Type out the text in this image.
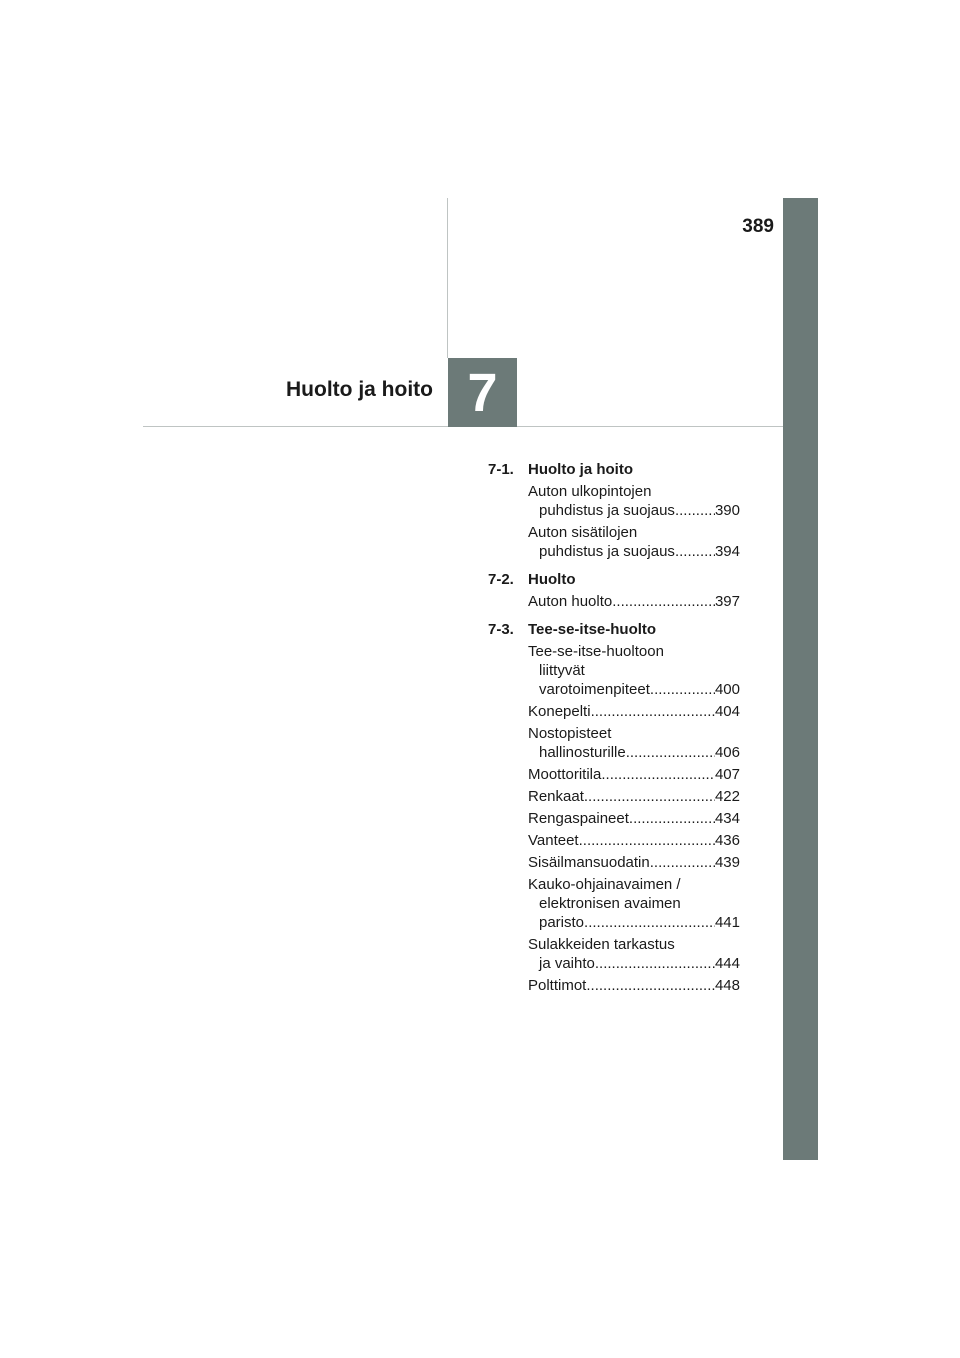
389
7
Huolto ja hoito
7-1. Huolto ja hoito
Auton ulkopintojen
puhdistus ja suojaus .....	390
Auton sisätilojen
puhdistus ja suojaus .....	394
7-2. Huolto
Auton huolto .....	397
7-3. Tee-se-itse-huolto
Tee-se-itse-huoltoon
liittyvät
varotoimenpiteet .....	400
Konepelti .....	404
Nostopisteet
hallinosturille .....	406
Moottoritila .....	407
Renkaat .....	422
Rengaspaineet .....	434
Vanteet .....	436
Sisäilmansuodatin .....	439
Kauko-ohjainavaimen /
elektronisen avaimen
paristo .....	441
Sulakkeiden tarkastus
ja vaihto .....	444
Polttimot .....	448
